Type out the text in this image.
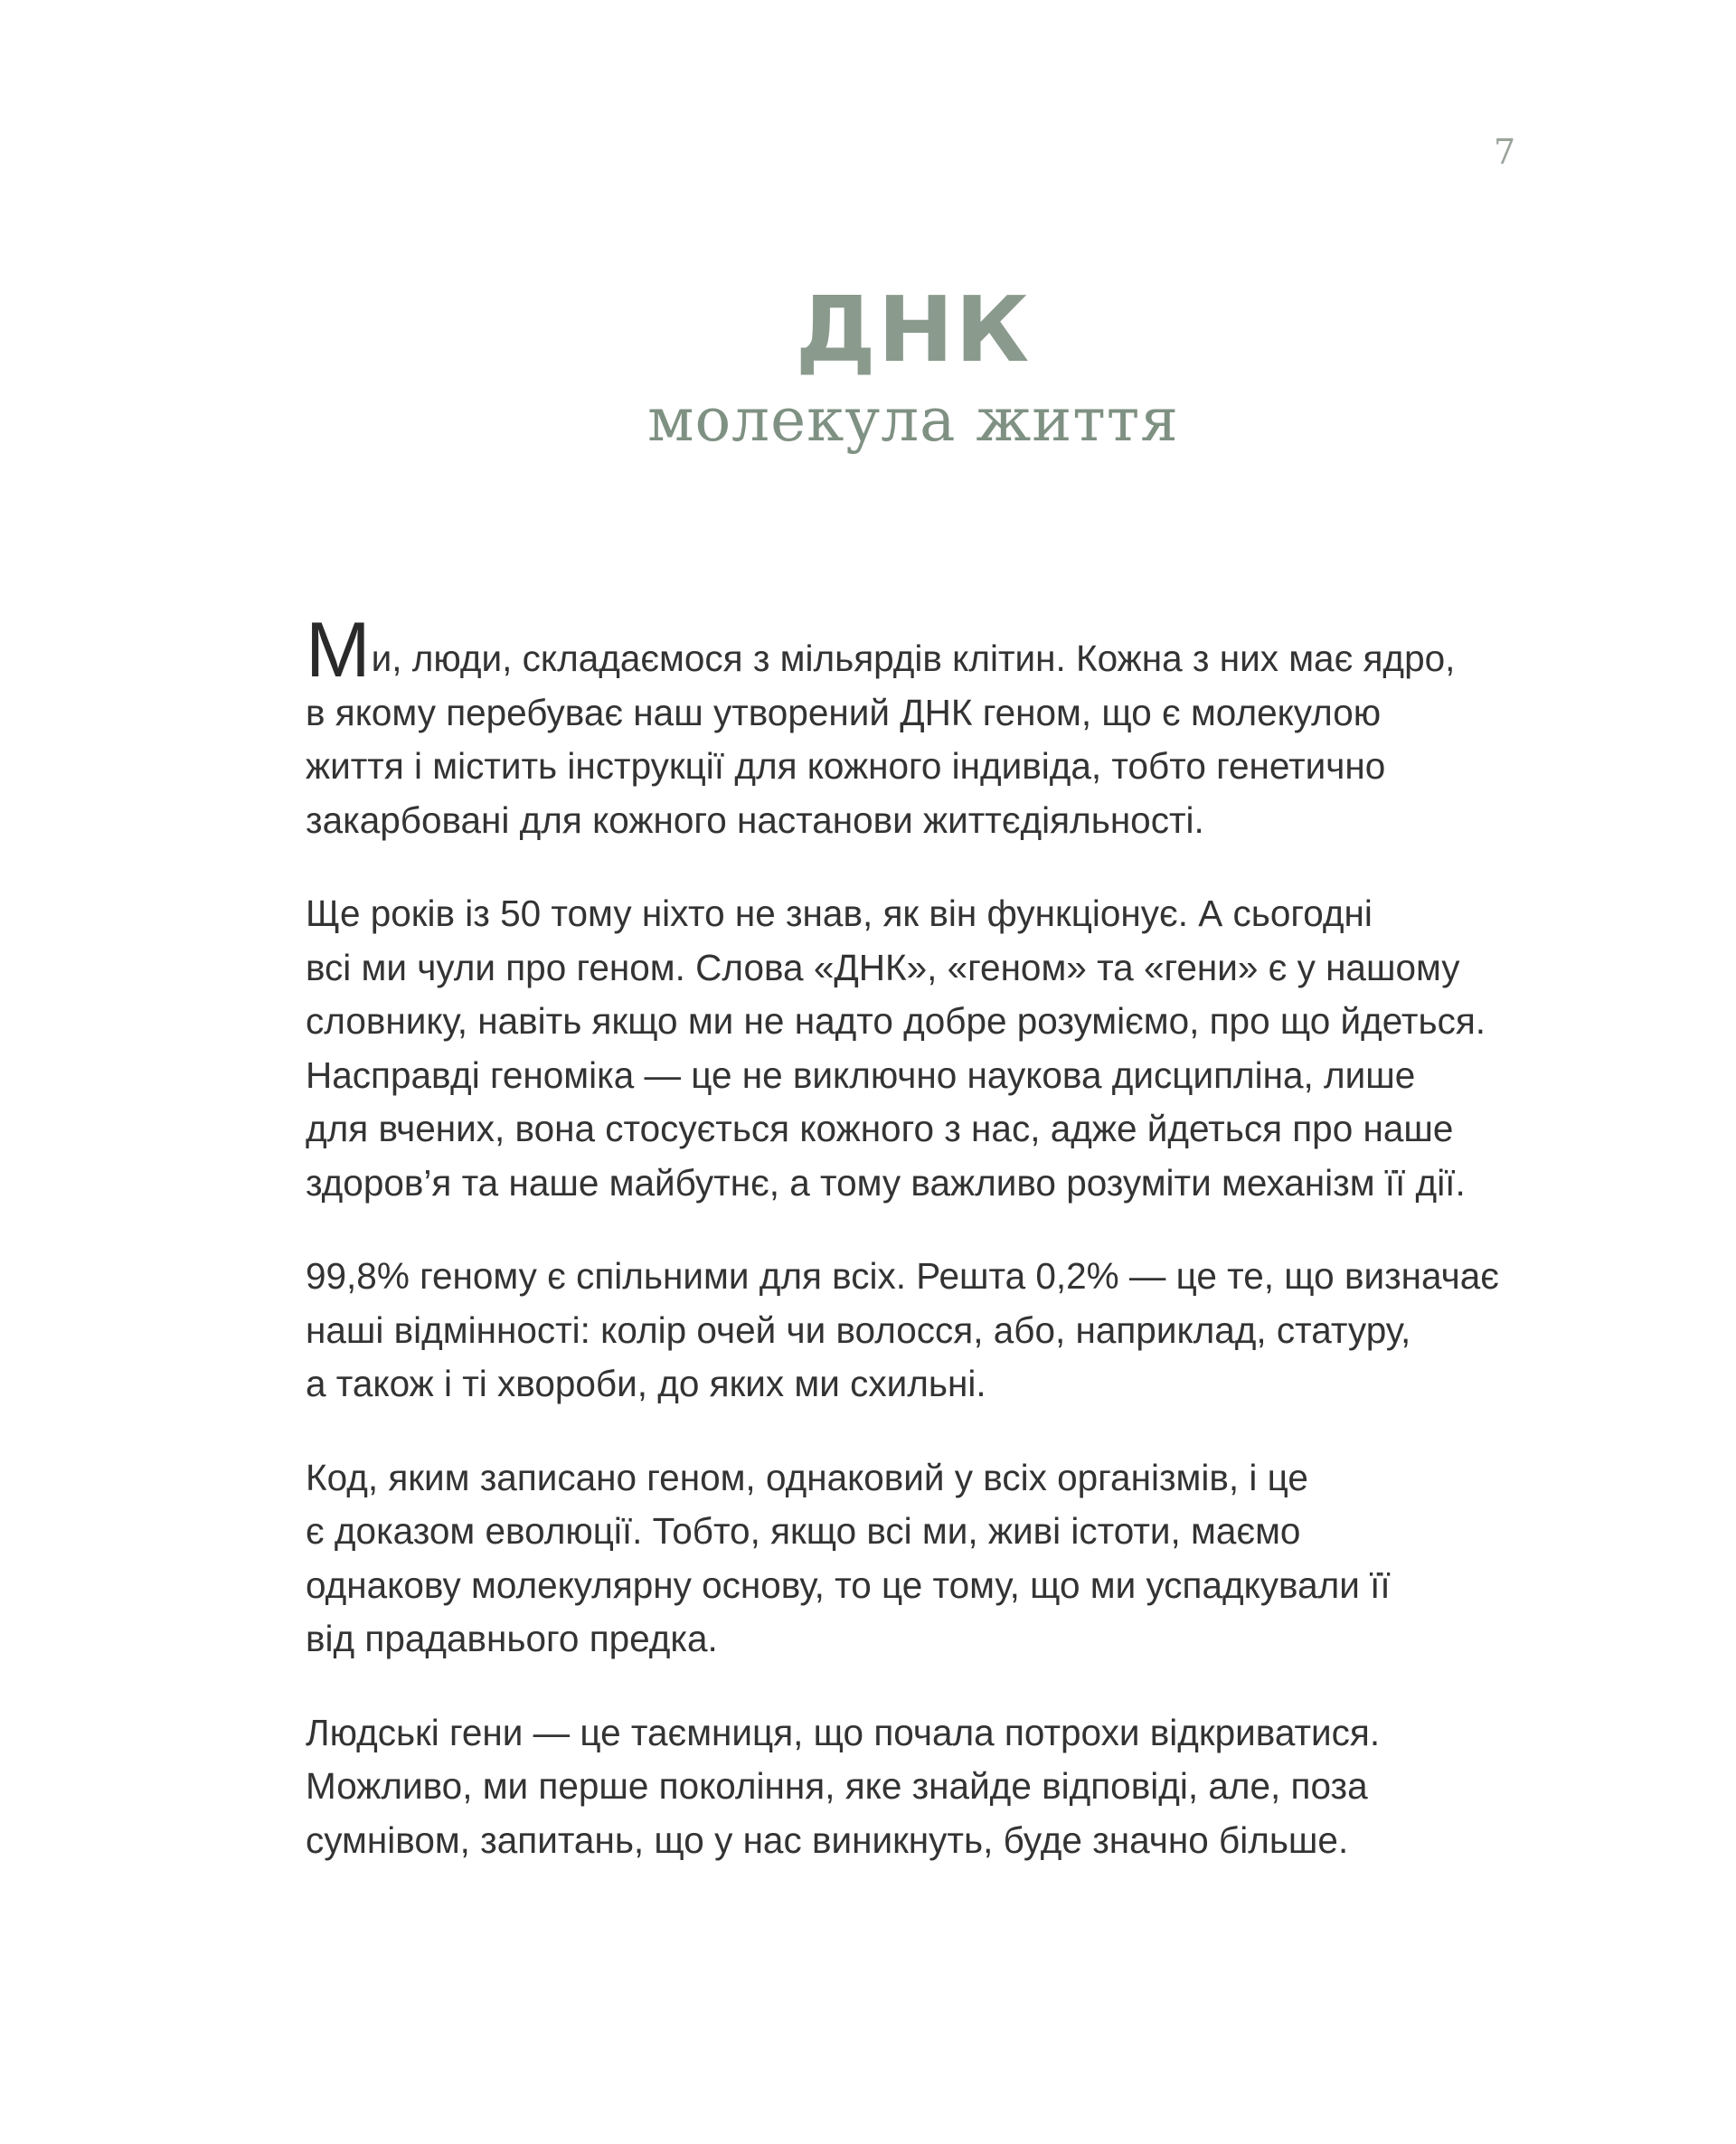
7
ДНК
молекула життя

Ми, люди, складаємося з мільярдів клітин. Кожна з них має ядро,
в якому перебуває наш утворений ДНК геном, що є молекулою
життя і містить інструкції для кожного індивіда, тобто генетично
закарбовані для кожного настанови життєдіяльності.

Ще років із 50 тому ніхто не знав, як він функціонує. А сьогодні
всі ми чули про геном. Слова «ДНК», «геном» та «гени» є у нашому
словнику, навіть якщо ми не надто добре розуміємо, про що йдеться.
Насправді геноміка — це не виключно наукова дисципліна, лише
для вчених, вона стосується кожного з нас, адже йдеться про наше
здоров’я та наше майбутнє, а тому важливо розуміти механізм її дії.

99,8% геному є спільними для всіх. Решта 0,2% — це те, що визначає
наші відмінності: колір очей чи волосся, або, наприклад, статуру,
а також і ті хвороби, до яких ми схильні.

Код, яким записано геном, однаковий у всіх організмів, і це
є доказом еволюції. Тобто, якщо всі ми, живі істоти, маємо
однакову молекулярну основу, то це тому, що ми успадкували її
від прадавнього предка.

Людські гени — це таємниця, що почала потрохи відкриватися.
Можливо, ми перше покоління, яке знайде відповіді, але, поза
сумнівом, запитань, що у нас виникнуть, буде значно більше.
